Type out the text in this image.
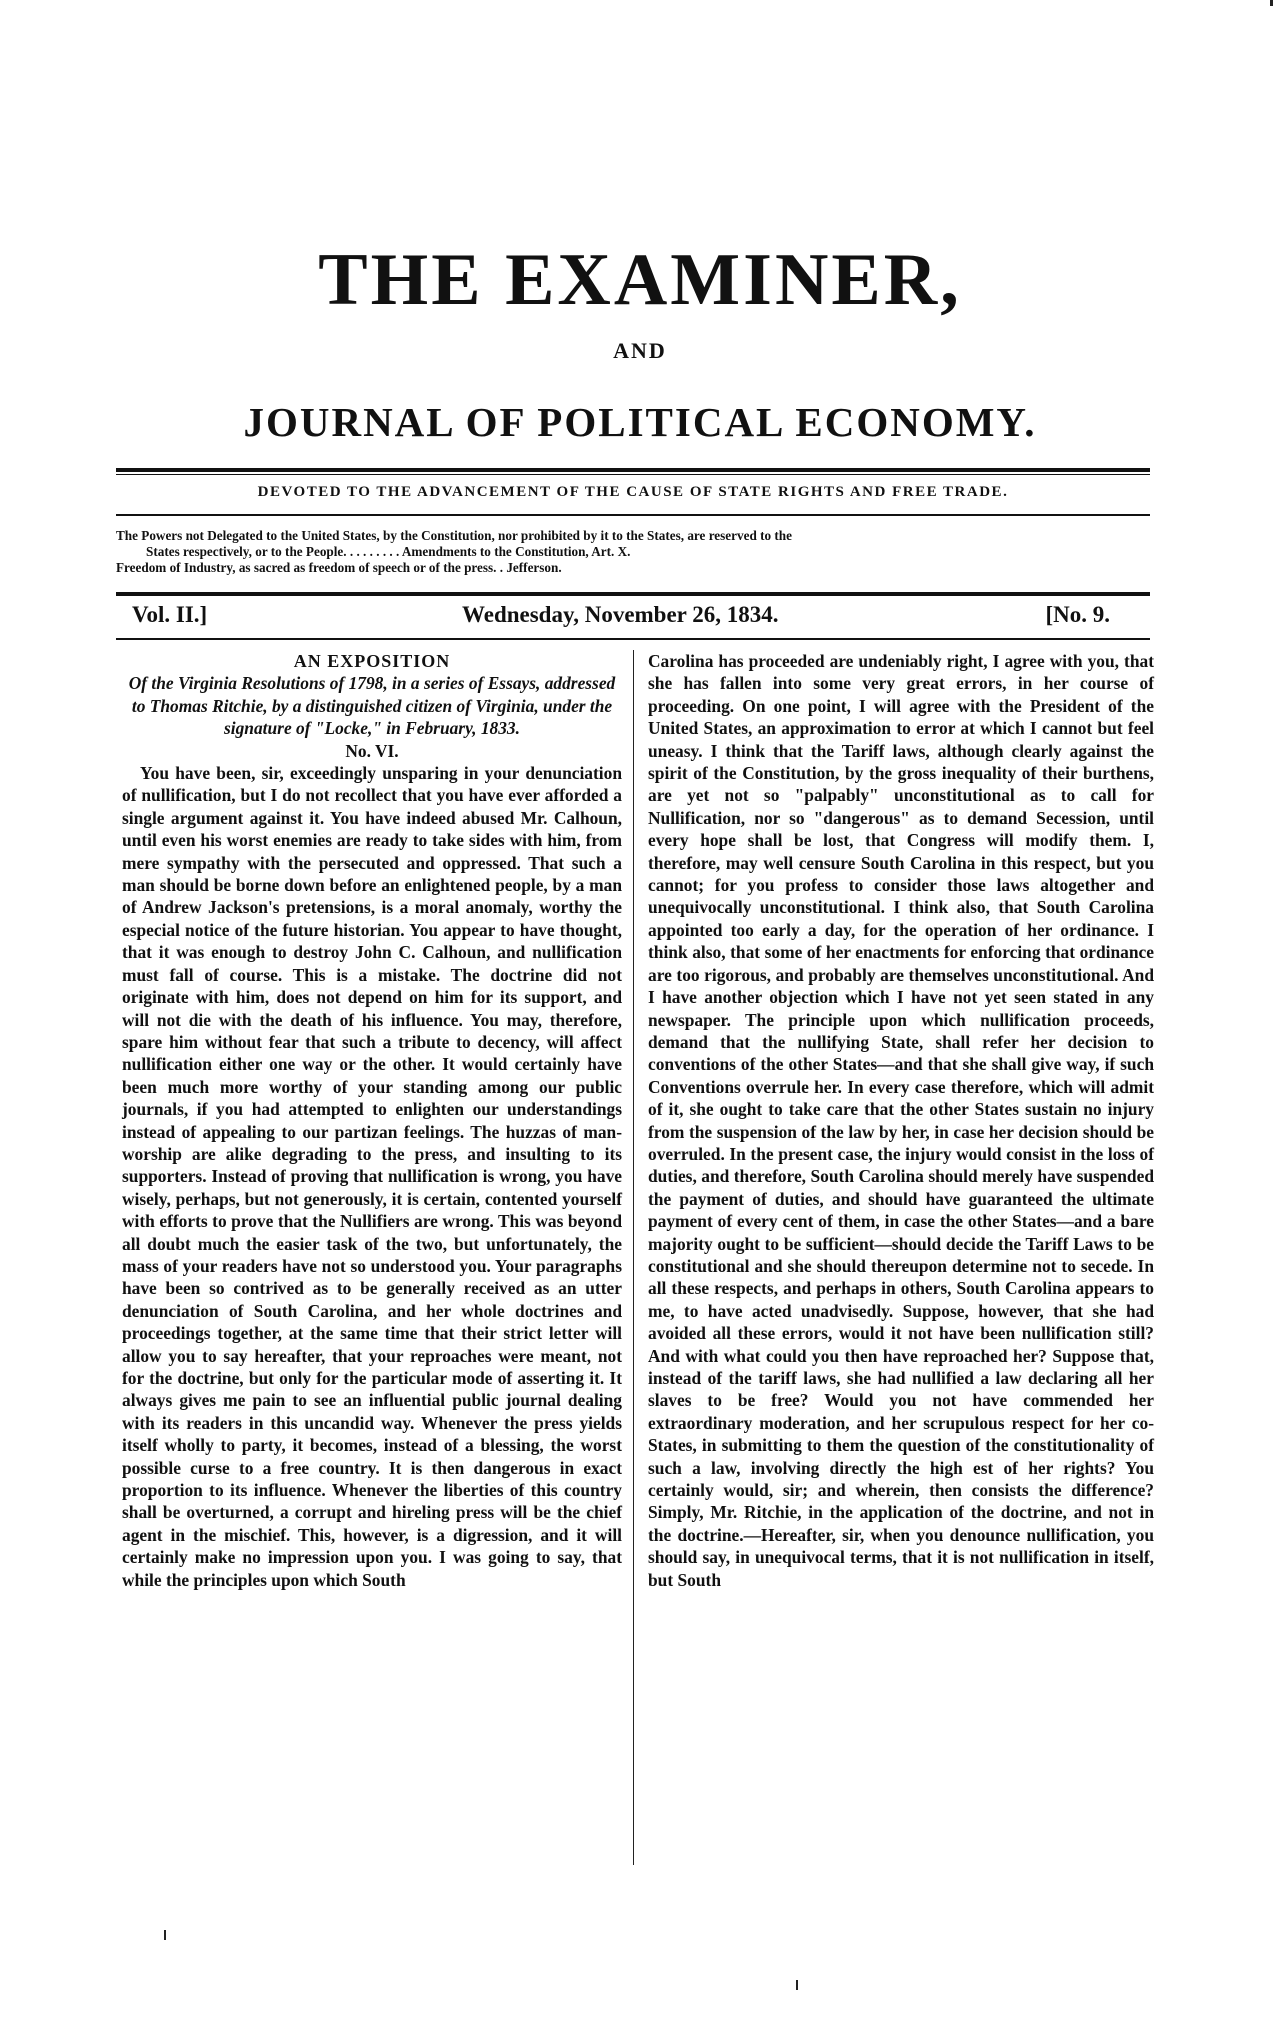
THE EXAMINER,
AND
JOURNAL OF POLITICAL ECONOMY.
DEVOTED TO THE ADVANCEMENT OF THE CAUSE OF STATE RIGHTS AND FREE TRADE.

The Powers not Delegated to the United States, by the Constitution, nor prohibited by it to the States, are reserved to the

States respectively, or to the People. . . . . . . . . Amendments to the Constitution, Art. X.

Freedom of Industry, as sacred as freedom of speech or of the press. . Jefferson.

Vol. II.]	Wednesday, November 26, 1834.	[No. 9.

AN EXPOSITION

Of the Virginia Resolutions of 1798, in a series of Essays, addressed to Thomas Ritchie, by a distinguished citizen of Virginia, under the signature of "Locke," in February, 1833.

No. VI.

You have been, sir, exceedingly unsparing in your denunciation of nullification, but I do not recollect that you have ever afforded a single argument against it. You have indeed abused Mr. Calhoun, until even his worst enemies are ready to take sides with him, from mere sympathy with the persecuted and oppressed. That such a man should be borne down before an enlightened people, by a man of Andrew Jackson's pretensions, is a moral anomaly, worthy the especial notice of the future historian. You appear to have thought, that it was enough to destroy John C. Calhoun, and nullification must fall of course. This is a mistake. The doctrine did not originate with him, does not depend on him for its support, and will not die with the death of his influence. You may, therefore, spare him without fear that such a tribute to decency, will affect nullification either one way or the other. It would certainly have been much more worthy of your standing among our public journals, if you had attempted to enlighten our understandings instead of appealing to our partizan feelings. The huzzas of man-worship are alike degrading to the press, and insulting to its supporters. Instead of proving that nullification is wrong, you have wisely, perhaps, but not generously, it is certain, contented yourself with efforts to prove that the Nullifiers are wrong. This was beyond all doubt much the easier task of the two, but unfortunately, the mass of your readers have not so understood you. Your paragraphs have been so contrived as to be generally received as an utter denunciation of South Carolina, and her whole doctrines and proceedings together, at the same time that their strict letter will allow you to say hereafter, that your reproaches were meant, not for the doctrine, but only for the particular mode of asserting it. It always gives me pain to see an influential public journal dealing with its readers in this uncandid way. Whenever the press yields itself wholly to party, it becomes, instead of a blessing, the worst possible curse to a free country. It is then dangerous in exact proportion to its influence. Whenever the liberties of this country shall be overturned, a corrupt and hireling press will be the chief agent in the mischief. This, however, is a digression, and it will certainly make no impression upon you. I was going to say, that while the principles upon which South

Carolina has proceeded are undeniably right, I agree with you, that she has fallen into some very great errors, in her course of proceeding. On one point, I will agree with the President of the United States, an approximation to error at which I cannot but feel uneasy. I think that the Tariff laws, although clearly against the spirit of the Constitution, by the gross inequality of their burthens, are yet not so "palpably" unconstitutional as to call for Nullification, nor so "dangerous" as to demand Secession, until every hope shall be lost, that Congress will modify them. I, therefore, may well censure South Carolina in this respect, but you cannot; for you profess to consider those laws altogether and unequivocally unconstitutional. I think also, that South Carolina appointed too early a day, for the operation of her ordinance. I think also, that some of her enactments for enforcing that ordinance are too rigorous, and probably are themselves unconstitutional. And I have another objection which I have not yet seen stated in any newspaper. The principle upon which nullification proceeds, demand that the nullifying State, shall refer her decision to conventions of the other States—and that she shall give way, if such Conventions overrule her. In every case therefore, which will admit of it, she ought to take care that the other States sustain no injury from the suspension of the law by her, in case her decision should be overruled. In the present case, the injury would consist in the loss of duties, and therefore, South Carolina should merely have suspended the payment of duties, and should have guaranteed the ultimate payment of every cent of them, in case the other States—and a bare majority ought to be sufficient—should decide the Tariff Laws to be constitutional and she should thereupon determine not to secede. In all these respects, and perhaps in others, South Carolina appears to me, to have acted unadvisedly. Suppose, however, that she had avoided all these errors, would it not have been nullification still? And with what could you then have reproached her? Suppose that, instead of the tariff laws, she had nullified a law declaring all her slaves to be free? Would you not have commended her extraordinary moderation, and her scrupulous respect for her co-States, in submitting to them the question of the constitutionality of such a law, involving directly the high est of her rights? You certainly would, sir; and wherein, then consists the difference? Simply, Mr. Ritchie, in the application of the doctrine, and not in the doctrine.—Hereafter, sir, when you denounce nullification, you should say, in unequivocal terms, that it is not nullification in itself, but South
